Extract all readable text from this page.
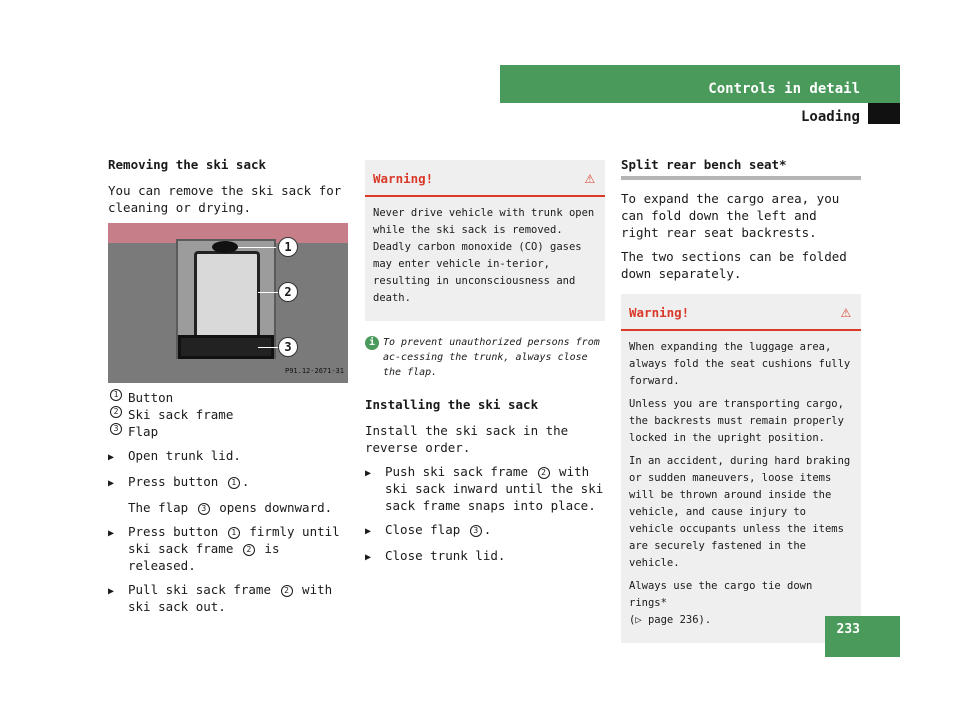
Controls in detail
Loading
Removing the ski sack
You can remove the ski sack for cleaning or drying.
1
2
3
P91.12-2671-31
1 Button
2 Ski sack frame
3 Flap
▶	Open trunk lid.
▶	Press button 1 .
The flap 3 opens downward.
▶	Press button 1 firmly until ski sack frame 2 is released.
▶	Pull ski sack frame 2 with ski sack out.
Warning!	⚠

Never drive vehicle with trunk open while the ski sack is removed. Deadly carbon monoxide (CO) gases may enter vehicle in-terior, resulting in unconsciousness and death.

i To prevent unauthorized persons from ac-cessing the trunk, always close the flap.
Installing the ski sack
Install the ski sack in the reverse order.
▶	Push ski sack frame 2 with ski sack inward until the ski sack frame snaps into place.
▶	Close flap 3 .
▶	Close trunk lid.
Split rear bench seat*
To expand the cargo area, you can fold down the left and right rear seat backrests.
The two sections can be folded down separately.
Warning!	⚠

When expanding the luggage area, always fold the seat cushions fully forward.

Unless you are transporting cargo, the backrests must remain properly locked in the upright position.

In an accident, during hard braking or sudden maneuvers, loose items will be thrown around inside the vehicle, and cause injury to vehicle occupants unless the items are securely fastened in the vehicle.

Always use the cargo tie down rings*
(▷ page 236).

233
